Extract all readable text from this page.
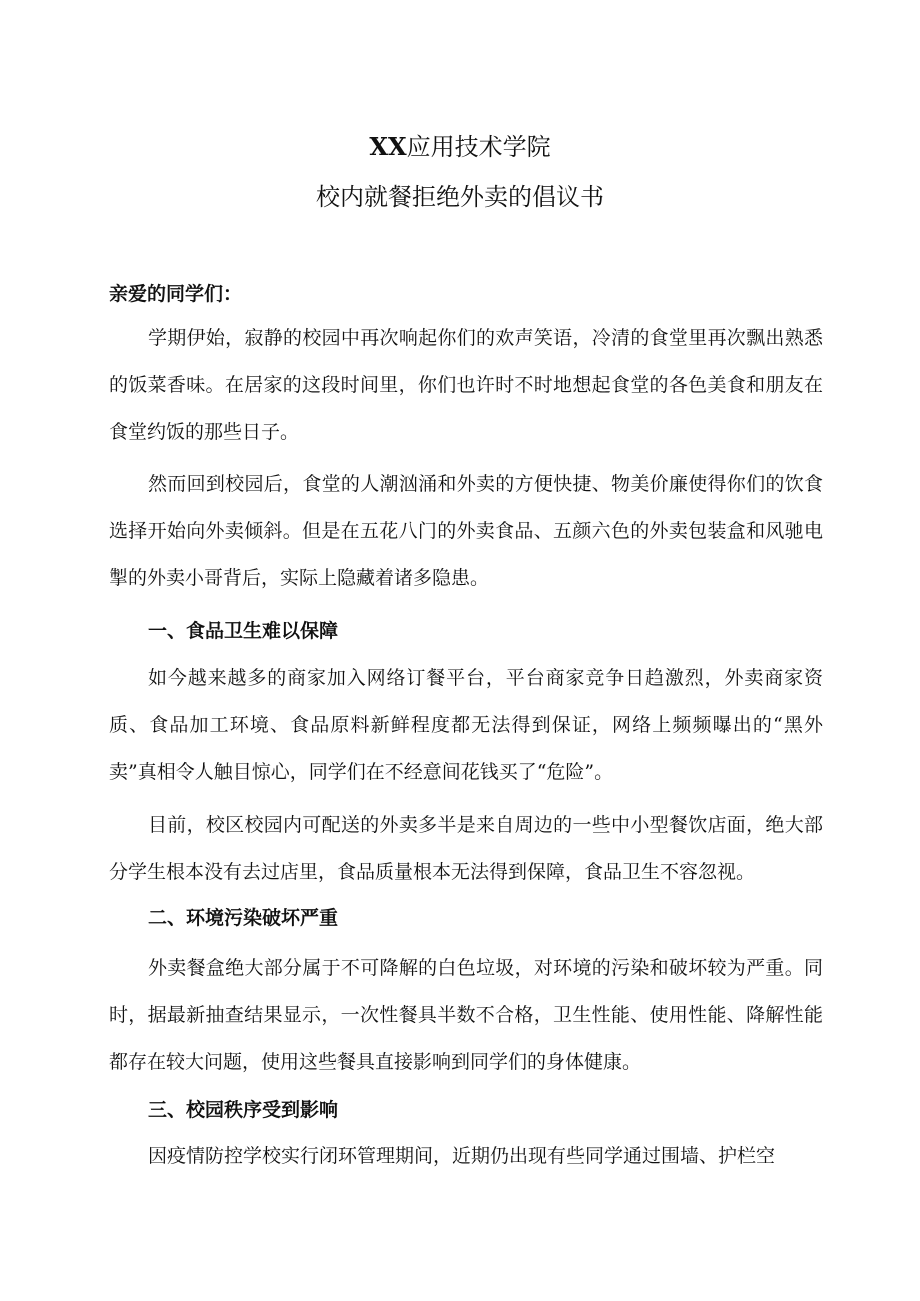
XX应用技术学院
校内就餐拒绝外卖的倡议书
亲爱的同学们：

学期伊始，寂静的校园中再次响起你们的欢声笑语，冷清的食堂里再次飘出熟悉的饭菜香味。在居家的这段时间里，你们也许时不时地想起食堂的各色美食和朋友在食堂约饭的那些日子。

然而回到校园后，食堂的人潮汹涌和外卖的方便快捷、物美价廉使得你们的饮食选择开始向外卖倾斜。但是在五花八门的外卖食品、五颜六色的外卖包装盒和风驰电掣的外卖小哥背后，实际上隐藏着诸多隐患。

一、食品卫生难以保障

如今越来越多的商家加入网络订餐平台，平台商家竞争日趋激烈，外卖商家资质、食品加工环境、食品原料新鲜程度都无法得到保证，网络上频频曝出的“黑外卖”真相令人触目惊心，同学们在不经意间花钱买了“危险”。

目前，校区校园内可配送的外卖多半是来自周边的一些中小型餐饮店面，绝大部分学生根本没有去过店里，食品质量根本无法得到保障，食品卫生不容忽视。

二、环境污染破坏严重

外卖餐盒绝大部分属于不可降解的白色垃圾，对环境的污染和破坏较为严重。同时，据最新抽查结果显示，一次性餐具半数不合格，卫生性能、使用性能、降解性能都存在较大问题，使用这些餐具直接影响到同学们的身体健康。

三、校园秩序受到影响

因疫情防控学校实行闭环管理期间，近期仍出现有些同学通过围墙、护栏空
